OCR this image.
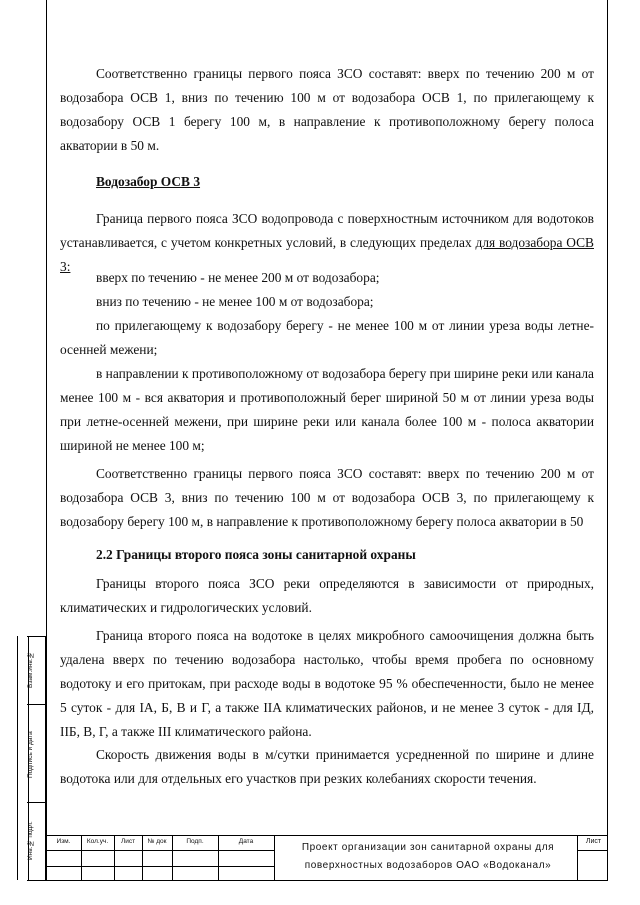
Соответственно границы первого пояса ЗСО составят: вверх по течению 200 м от водозабора ОСВ 1, вниз по течению 100 м от водозабора ОСВ 1, по прилегающему к водозабору ОСВ 1 берегу 100 м, в направление к противоположному берегу полоса акватории в 50 м.

Водозабор ОСВ 3

Граница первого пояса ЗСО водопровода с поверхностным источником для водотоков устанавливается, с учетом конкретных условий, в следующих пределах для водозабора ОСВ 3:

вверх по течению - не менее 200 м от водозабора;

вниз по течению - не менее 100 м от водозабора;

по прилегающему к водозабору берегу - не менее 100 м от линии уреза воды летне-осенней межени;

в направлении к противоположному от водозабора берегу при ширине реки или канала менее 100 м - вся акватория и противоположный берег шириной 50 м от линии уреза воды при летне-осенней межени, при ширине реки или канала более 100 м - полоса акватории шириной не менее 100 м;

Соответственно границы первого пояса ЗСО составят: вверх по течению 200 м от водозабора ОСВ 3, вниз по течению 100 м от водозабора ОСВ 3, по прилегающему к водозабору берегу 100 м, в направление к противоположному берегу полоса акватории в 50

2.2 Границы второго пояса зоны санитарной охраны

Границы второго пояса ЗСО реки определяются в зависимости от природных, климатических и гидрологических условий.

Граница второго пояса на водотоке в целях микробного самоочищения должна быть удалена вверх по течению водозабора настолько, чтобы время пробега по основному водотоку и его притокам, при расходе воды в водотоке 95 % обеспеченности, было не менее 5 суток - для IA, Б, В и Г, а также IIA климатических районов, и не менее 3 суток - для IД, IIБ, В, Г, а также III климатического района.

Скорость движения воды в м/сутки принимается усредненной по ширине и длине водотока или для отдельных его участков при резких колебаниях скорости течения.

Взам.инв.№
Подпись и дата
Инв.№ подл.	Изм.	Кол.уч.	Лист	№ док	Подп.	Дата
Проект организации зон санитарной охраны для
поверхностных водозаборов ОАО «Водоканал»
Лист
